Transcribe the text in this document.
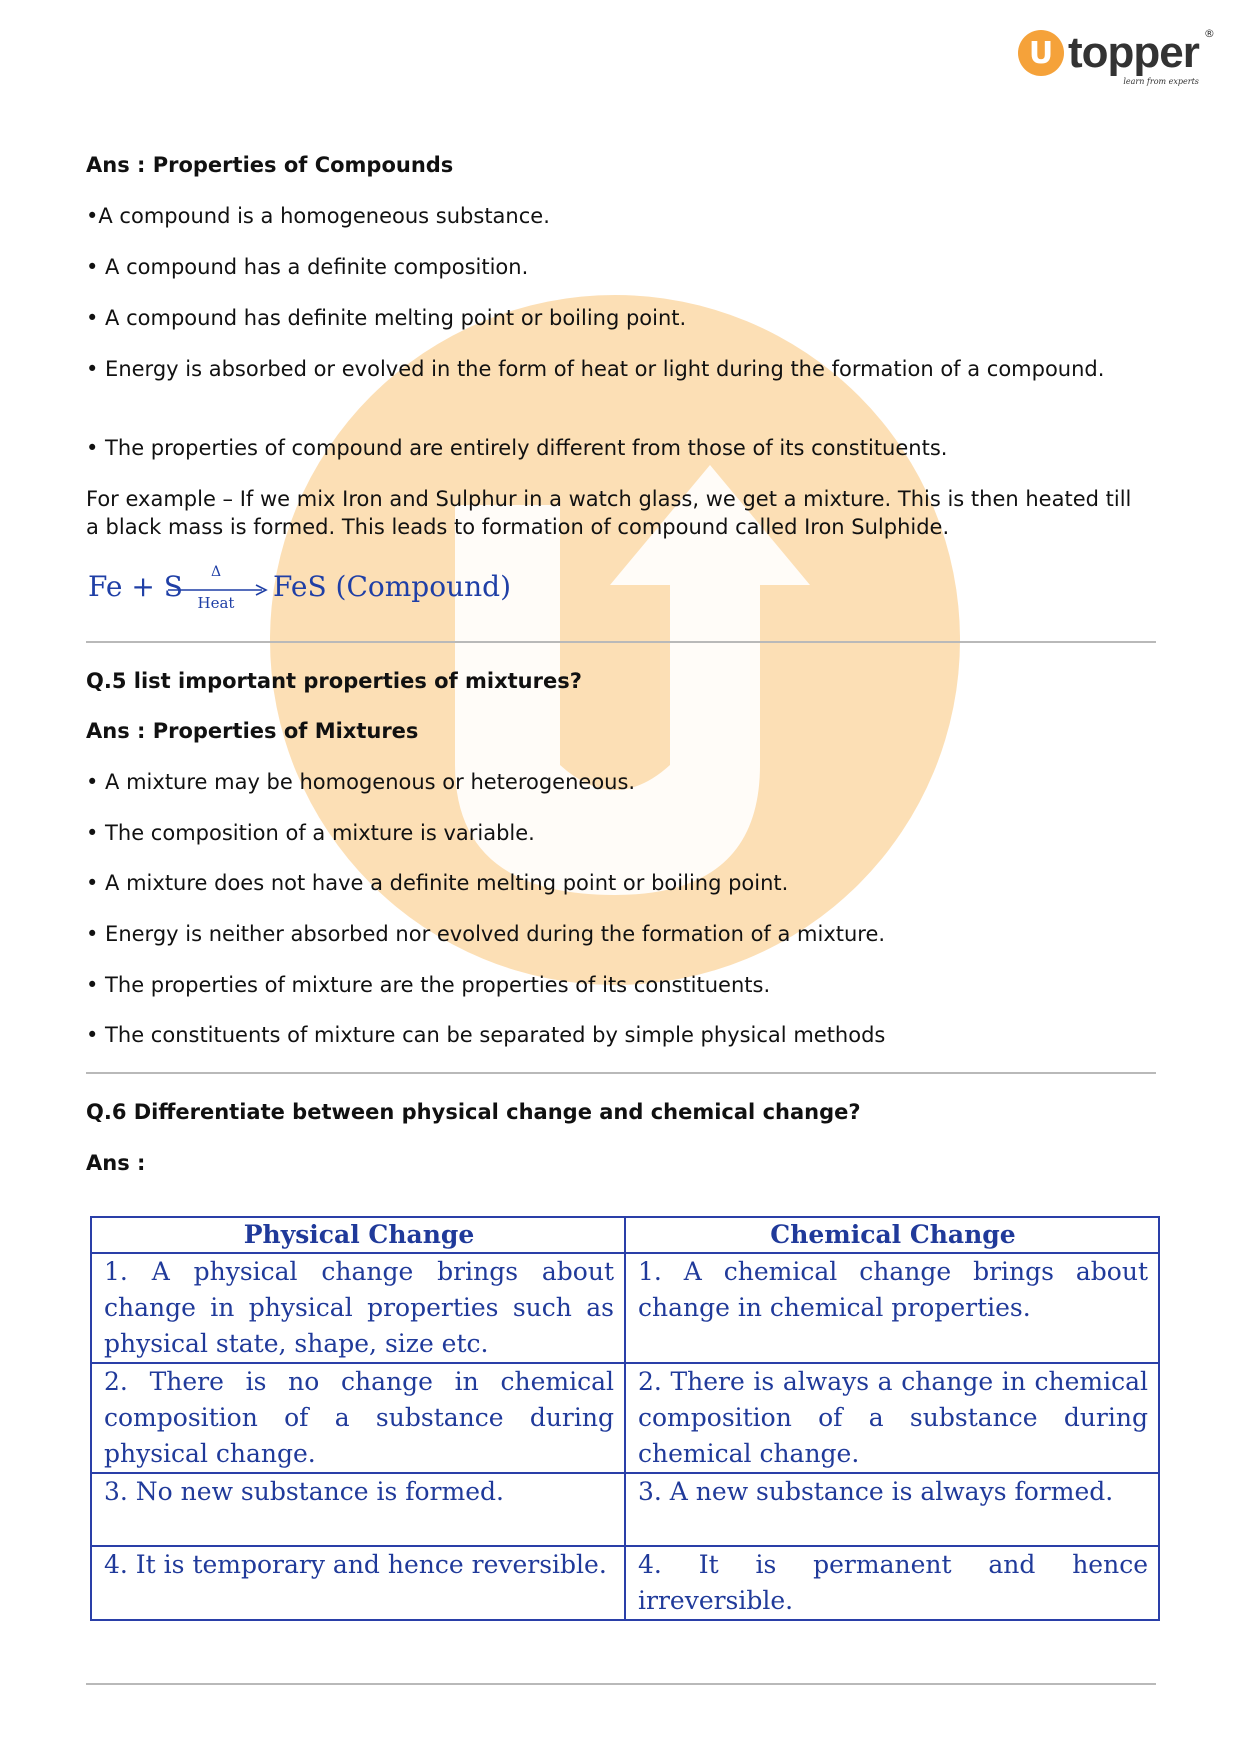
U topper ®
learn from experts
Ans : Properties of Compounds
•A compound is a homogeneous substance.
• A compound has a definite composition.
• A compound has definite melting point or boiling point.
• Energy is absorbed or evolved in the form of heat or light during the formation of a compound.
• The properties of compound are entirely different from those of its constituents.
For example – If we mix Iron and Sulphur in a watch glass, we get a mixture. This is then heated till a black mass is formed. This leads to formation of compound called Iron Sulphide.
Fe + S	Δ
Heat	FeS (Compound)
Q.5 list important properties of mixtures?
Ans : Properties of Mixtures
• A mixture may be homogenous or heterogeneous.
• The composition of a mixture is variable.
• A mixture does not have a definite melting point or boiling point.
• Energy is neither absorbed nor evolved during the formation of a mixture.
• The properties of mixture are the properties of its constituents.
• The constituents of mixture can be separated by simple physical methods
Q.6 Differentiate between physical change and chemical change?
Ans :
Physical Change	Chemical Change
1. A physical change brings about change in physical properties such as physical state, shape, size etc.	1. A chemical change brings about change in chemical properties.
2. There is no change in chemical composition of a substance during physical change.	2. There is always a change in chemical composition of a substance during chemical change.
3. No new substance is formed.	3. A new substance is always formed.
4. It is temporary and hence reversible.	4. It is permanent and hence irreversible.
